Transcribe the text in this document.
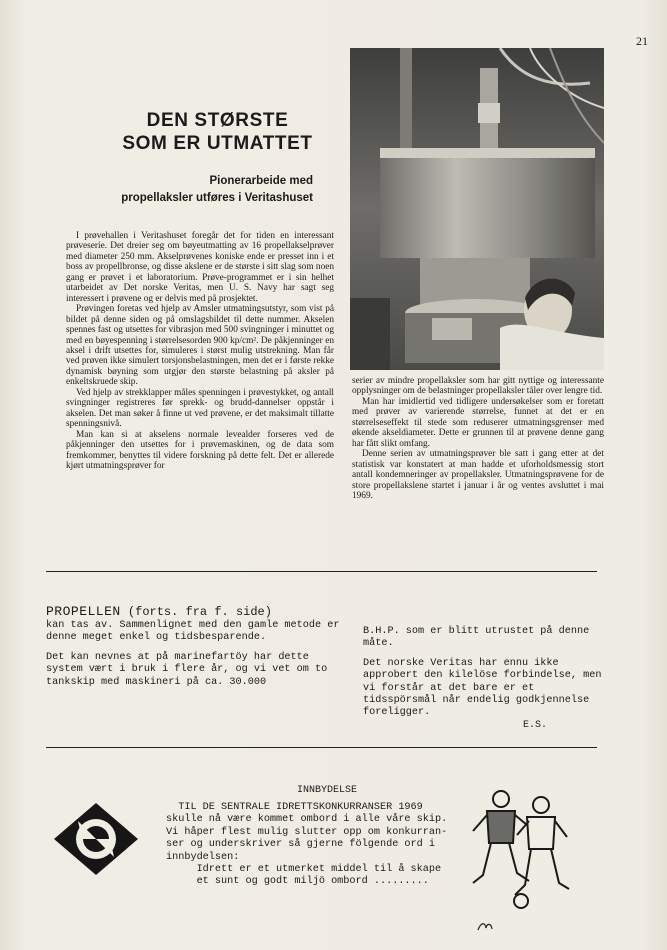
21
DEN STØRSTE
SOM ER UTMATTET
Pionerarbeide med
propellaksler utføres i Veritashuset

I prøvehallen i Veritashuset foregår det for tiden en interessant prøveserie. Det dreier seg om bøyeutmatting av 16 propellakselprøver med diameter 250 mm. Akselprøvenes koniske ende er presset inn i et boss av propellbronse, og disse akslene er de største i sitt slag som noen gang er prøvet i et laboratorium. Prøve-programmet er i sin helhet utarbeidet av Det norske Veritas, men U. S. Navy har sagt seg interessert i prøvene og er delvis med på prosjektet.

Prøvingen foretas ved hjelp av Amsler utmatningsutstyr, som vist på bildet på denne siden og på omslagsbildet til dette nummer. Akselen spennes fast og utsettes for vibrasjon med 500 svingninger i minuttet og med en bøyespenning i størrelsesorden 900 kp/cm². De påkjenninger en aksel i drift utsettes for, simuleres i størst mulig utstrekning. Man får ved prøven ikke simulert torsjonsbelastningen, men det er i første rekke dynamisk bøyning som utgjør den største belastning på aksler på enkeltskruede skip.

Ved hjelp av strekklapper måles spenningen i prøvestykket, og antall svingninger registreres før sprekk- og brudd-dannelser oppstår i akselen. Det man søker å finne ut ved prøvene, er det maksimalt tillatte spenningsnivå.

Man kan si at akselens normale levealder forseres ved de påkjenninger den utsettes for i prøvemaskinen, og de data som fremkommer, benyttes til videre forskning på dette felt. Det er allerede kjørt utmatningsprøver for

serier av mindre propellaksler som har gitt nyttige og interessante opplysninger om de belastninger propellaksler tåler over lengre tid.

Man har imidlertid ved tidligere undersøkelser som er foretatt med prøver av varierende størrelse, funnet at det er en størrelseseffekt til stede som reduserer utmatningsgrenser med økende akseldiameter. Dette er grunnen til at prøvene denne gang har fått slikt omfang.

Denne serien av utmatningsprøver ble satt i gang etter at det statistisk var konstatert at man hadde et uforholdsmessig stort antall kondemneringer av propellaksler. Utmatningsprøvene for de store propellakslene startet i januar i år og ventes avsluttet i mai 1969.

PROPELLEN (forts. fra f. side)

kan tas av. Sammenlignet med den gamle metode er denne meget enkel og tidsbesparende.

Det kan nevnes at på marinefartöy har dette system vært i bruk i flere år, og vi vet om to tankskip med maskineri på ca. 30.000

B.H.P. som er blitt utrustet på denne måte.

Det norske Veritas har ennu ikke approbert den kilelöse forbindelse, men vi forstår at det bare er et tidsspörsmål når endelig godkjennelse foreligger.

E.S.
INNBYDELSE
TIL DE SENTRALE IDRETTSKONKURRANSER 1969
skulle nå være kommet ombord i alle våre skip.
Vi håper flest mulig slutter opp om konkurran-
ser og underskriver så gjerne fölgende ord i
innbydelsen:
Idrett er et utmerket middel til å skape
et sunt og godt miljö ombord .........
